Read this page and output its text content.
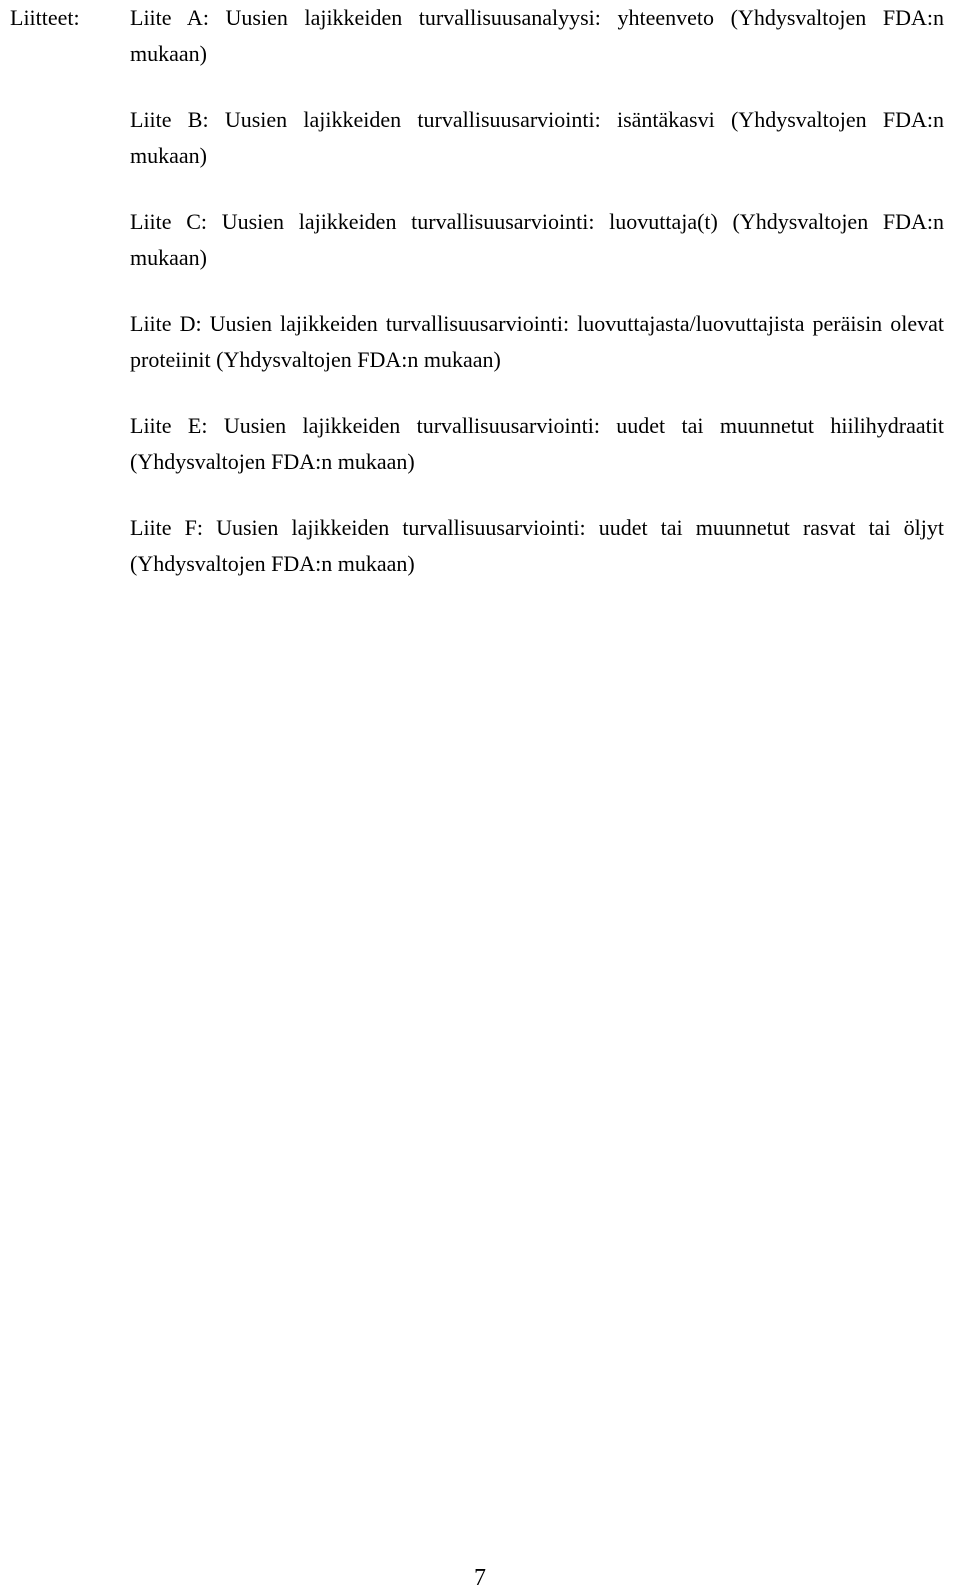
Liitteet: Liite A: Uusien lajikkeiden turvallisuusanalyysi: yhteenveto (Yhdysvaltojen FDA:n mukaan)
Liite B: Uusien lajikkeiden turvallisuusarviointi: isäntäkasvi (Yhdysvaltojen FDA:n mukaan)
Liite C: Uusien lajikkeiden turvallisuusarviointi: luovuttaja(t) (Yhdysvaltojen FDA:n mukaan)
Liite D: Uusien lajikkeiden turvallisuusarviointi: luovuttajasta/luovuttajista peräisin olevat proteiinit (Yhdysvaltojen FDA:n mukaan)
Liite E: Uusien lajikkeiden turvallisuusarviointi: uudet tai muunnetut hiilihydraatit (Yhdysvaltojen FDA:n mukaan)
Liite F: Uusien lajikkeiden turvallisuusarviointi: uudet tai muunnetut rasvat tai öljyt (Yhdysvaltojen FDA:n mukaan)
7
